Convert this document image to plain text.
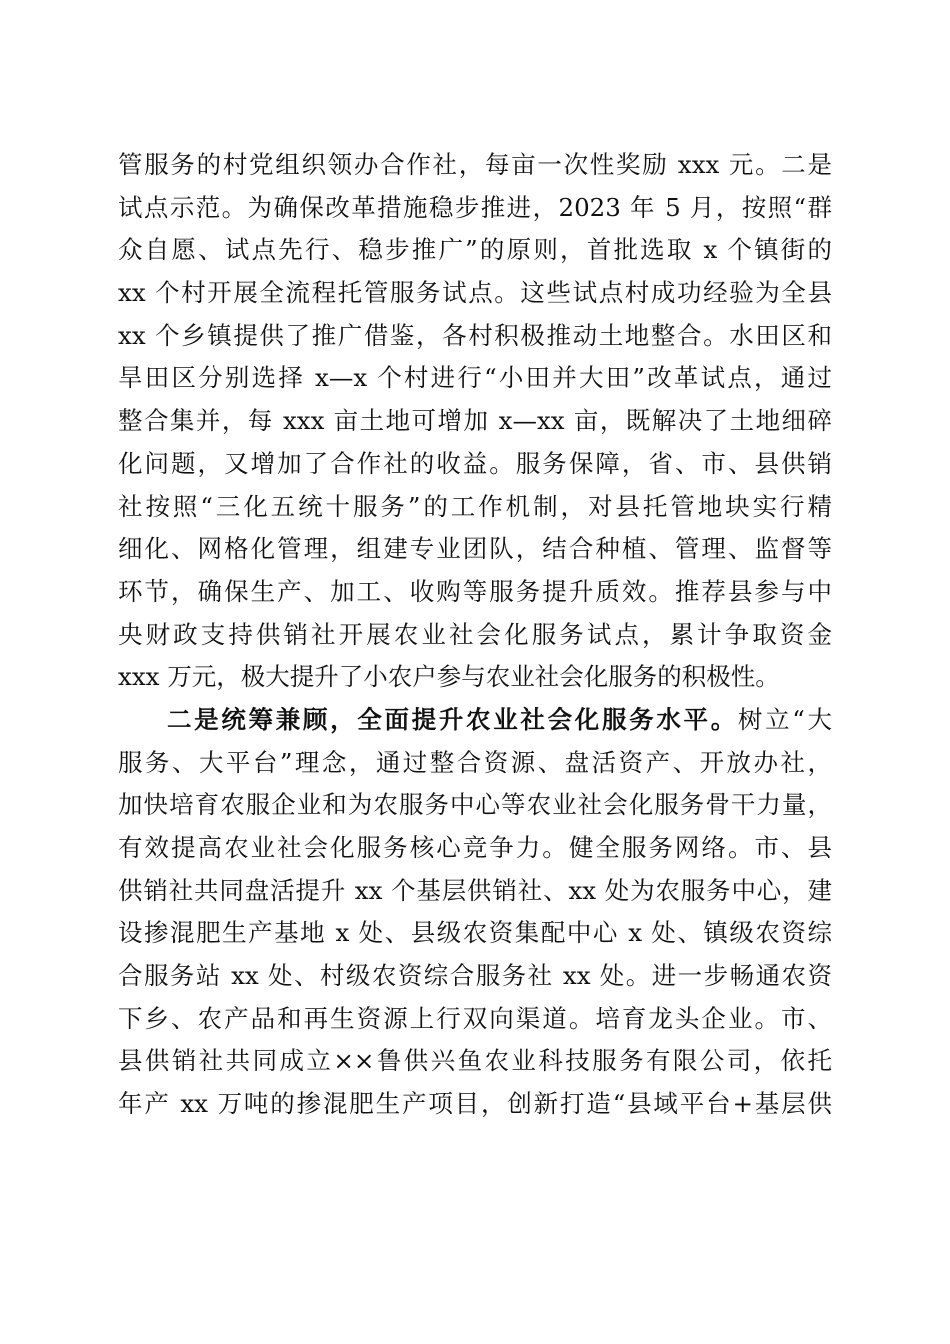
管服务的村党组织领办合作社，每亩一次性奖励 xxx 元。二是
试点示范。为确保改革措施稳步推进，2023 年 5 月，按照“群
众自愿、试点先行、稳步推广”的原则，首批选取 x 个镇街的
xx 个村开展全流程托管服务试点。这些试点村成功经验为全县
xx 个乡镇提供了推广借鉴，各村积极推动土地整合。水田区和
旱田区分别选择 x—x 个村进行“小田并大田”改革试点，通过
整合集并，每 xxx 亩土地可增加 x—xx 亩，既解决了土地细碎
化问题，又增加了合作社的收益。服务保障，省、市、县供销
社按照“三化五统十服务”的工作机制，对县托管地块实行精
细化、网格化管理，组建专业团队，结合种植、管理、监督等
环节，确保生产、加工、收购等服务提升质效。推荐县参与中
央财政支持供销社开展农业社会化服务试点，累计争取资金
xxx 万元，极大提升了小农户参与农业社会化服务的积极性。
二是统筹兼顾，全面提升农业社会化服务水平。树立“大
服务、大平台”理念，通过整合资源、盘活资产、开放办社，
加快培育农服企业和为农服务中心等农业社会化服务骨干力量，
有效提高农业社会化服务核心竞争力。健全服务网络。市、县
供销社共同盘活提升 xx 个基层供销社、xx 处为农服务中心，建
设掺混肥生产基地 x 处、县级农资集配中心 x 处、镇级农资综
合服务站 xx 处、村级农资综合服务社 xx 处。进一步畅通农资
下乡、农产品和再生资源上行双向渠道。培育龙头企业。市、
县供销社共同成立××鲁供兴鱼农业科技服务有限公司，依托
年产 xx 万吨的掺混肥生产项目，创新打造“县域平台+基层供
